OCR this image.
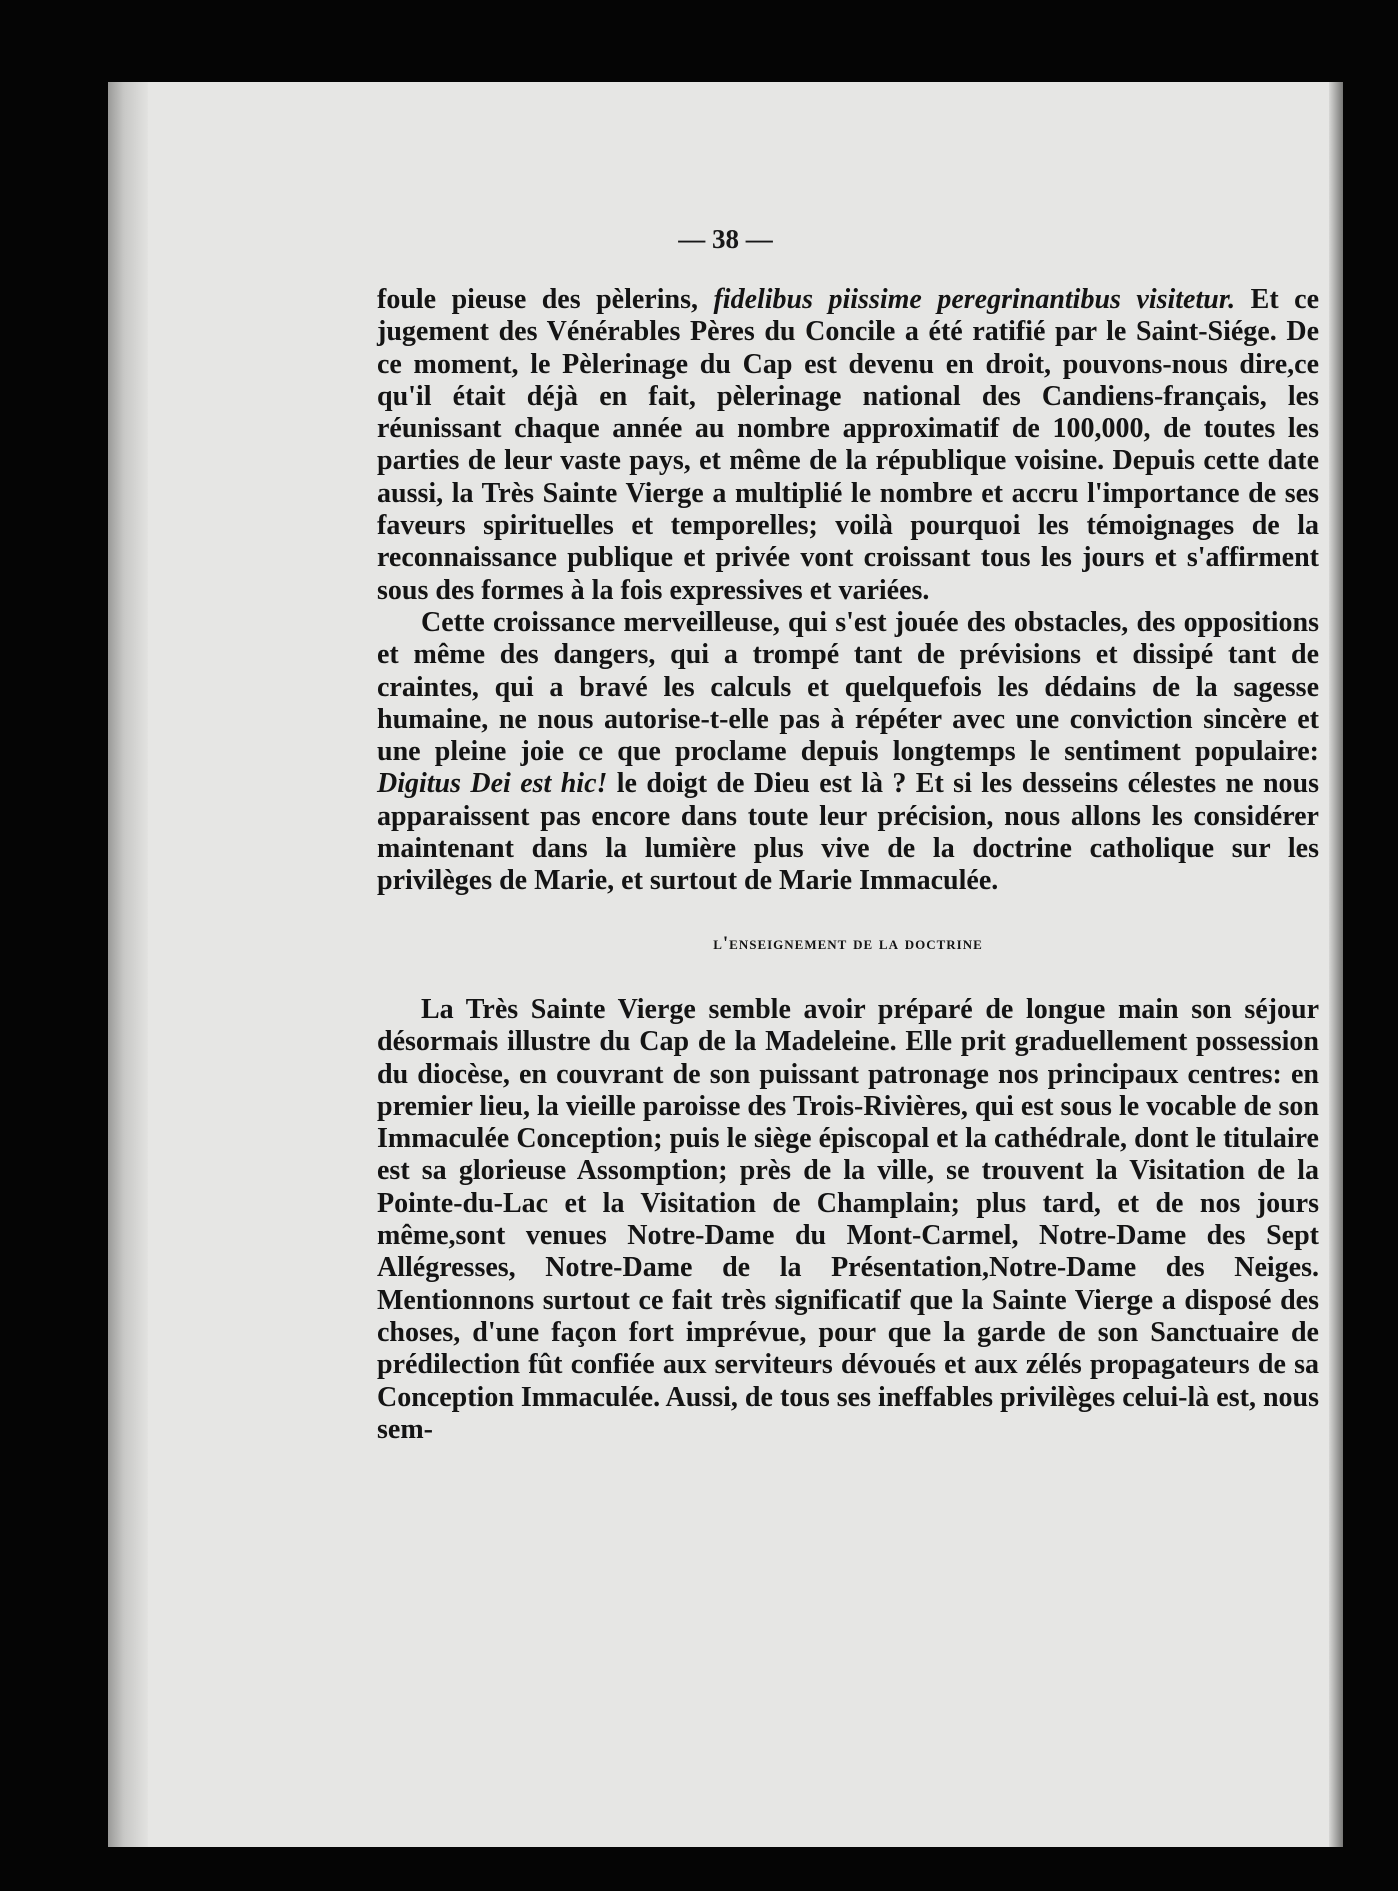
— 38 —

foule pieuse des pèlerins, fidelibus piissime peregrinantibus visitetur. Et ce jugement des Vénérables Pères du Concile a été ratifié par le Saint-Siége. De ce moment, le Pèlerinage du Cap est devenu en droit, pouvons-nous dire,ce qu'il était déjà en fait, pèlerinage national des Candiens-français, les réunissant chaque année au nombre approximatif de 100,000, de toutes les parties de leur vaste pays, et même de la république voisine. Depuis cette date aussi, la Très Sainte Vierge a multiplié le nombre et accru l'importance de ses faveurs spirituelles et temporelles; voilà pourquoi les témoignages de la reconnaissance publique et privée vont croissant tous les jours et s'affirment sous des formes à la fois expressives et variées.

Cette croissance merveilleuse, qui s'est jouée des obstacles, des oppositions et même des dangers, qui a trompé tant de prévisions et dissipé tant de craintes, qui a bravé les calculs et quelquefois les dédains de la sagesse humaine, ne nous autorise-t-elle pas à répéter avec une conviction sincère et une pleine joie ce que proclame depuis longtemps le sentiment populaire: Digitus Dei est hic! le doigt de Dieu est là ? Et si les desseins célestes ne nous apparaissent pas encore dans toute leur précision, nous allons les considérer maintenant dans la lumière plus vive de la doctrine catholique sur les privilèges de Marie, et surtout de Marie Immaculée.

l'enseignement de la doctrine

La Très Sainte Vierge semble avoir préparé de longue main son séjour désormais illustre du Cap de la Madeleine. Elle prit graduellement possession du diocèse, en couvrant de son puissant patronage nos principaux centres: en premier lieu, la vieille paroisse des Trois-Rivières, qui est sous le vocable de son Immaculée Conception; puis le siège épiscopal et la cathédrale, dont le titulaire est sa glorieuse Assomption; près de la ville, se trouvent la Visitation de la Pointe-du-Lac et la Visitation de Champlain; plus tard, et de nos jours même,sont venues Notre-Dame du Mont-Carmel, Notre-Dame des Sept Allégresses, Notre-Dame de la Présentation,Notre-Dame des Neiges. Mentionnons surtout ce fait très significatif que la Sainte Vierge a disposé des choses, d'une façon fort imprévue, pour que la garde de son Sanctuaire de prédilection fût confiée aux serviteurs dévoués et aux zélés propagateurs de sa Conception Immaculée. Aussi, de tous ses ineffables privilèges celui-là est, nous sem-
